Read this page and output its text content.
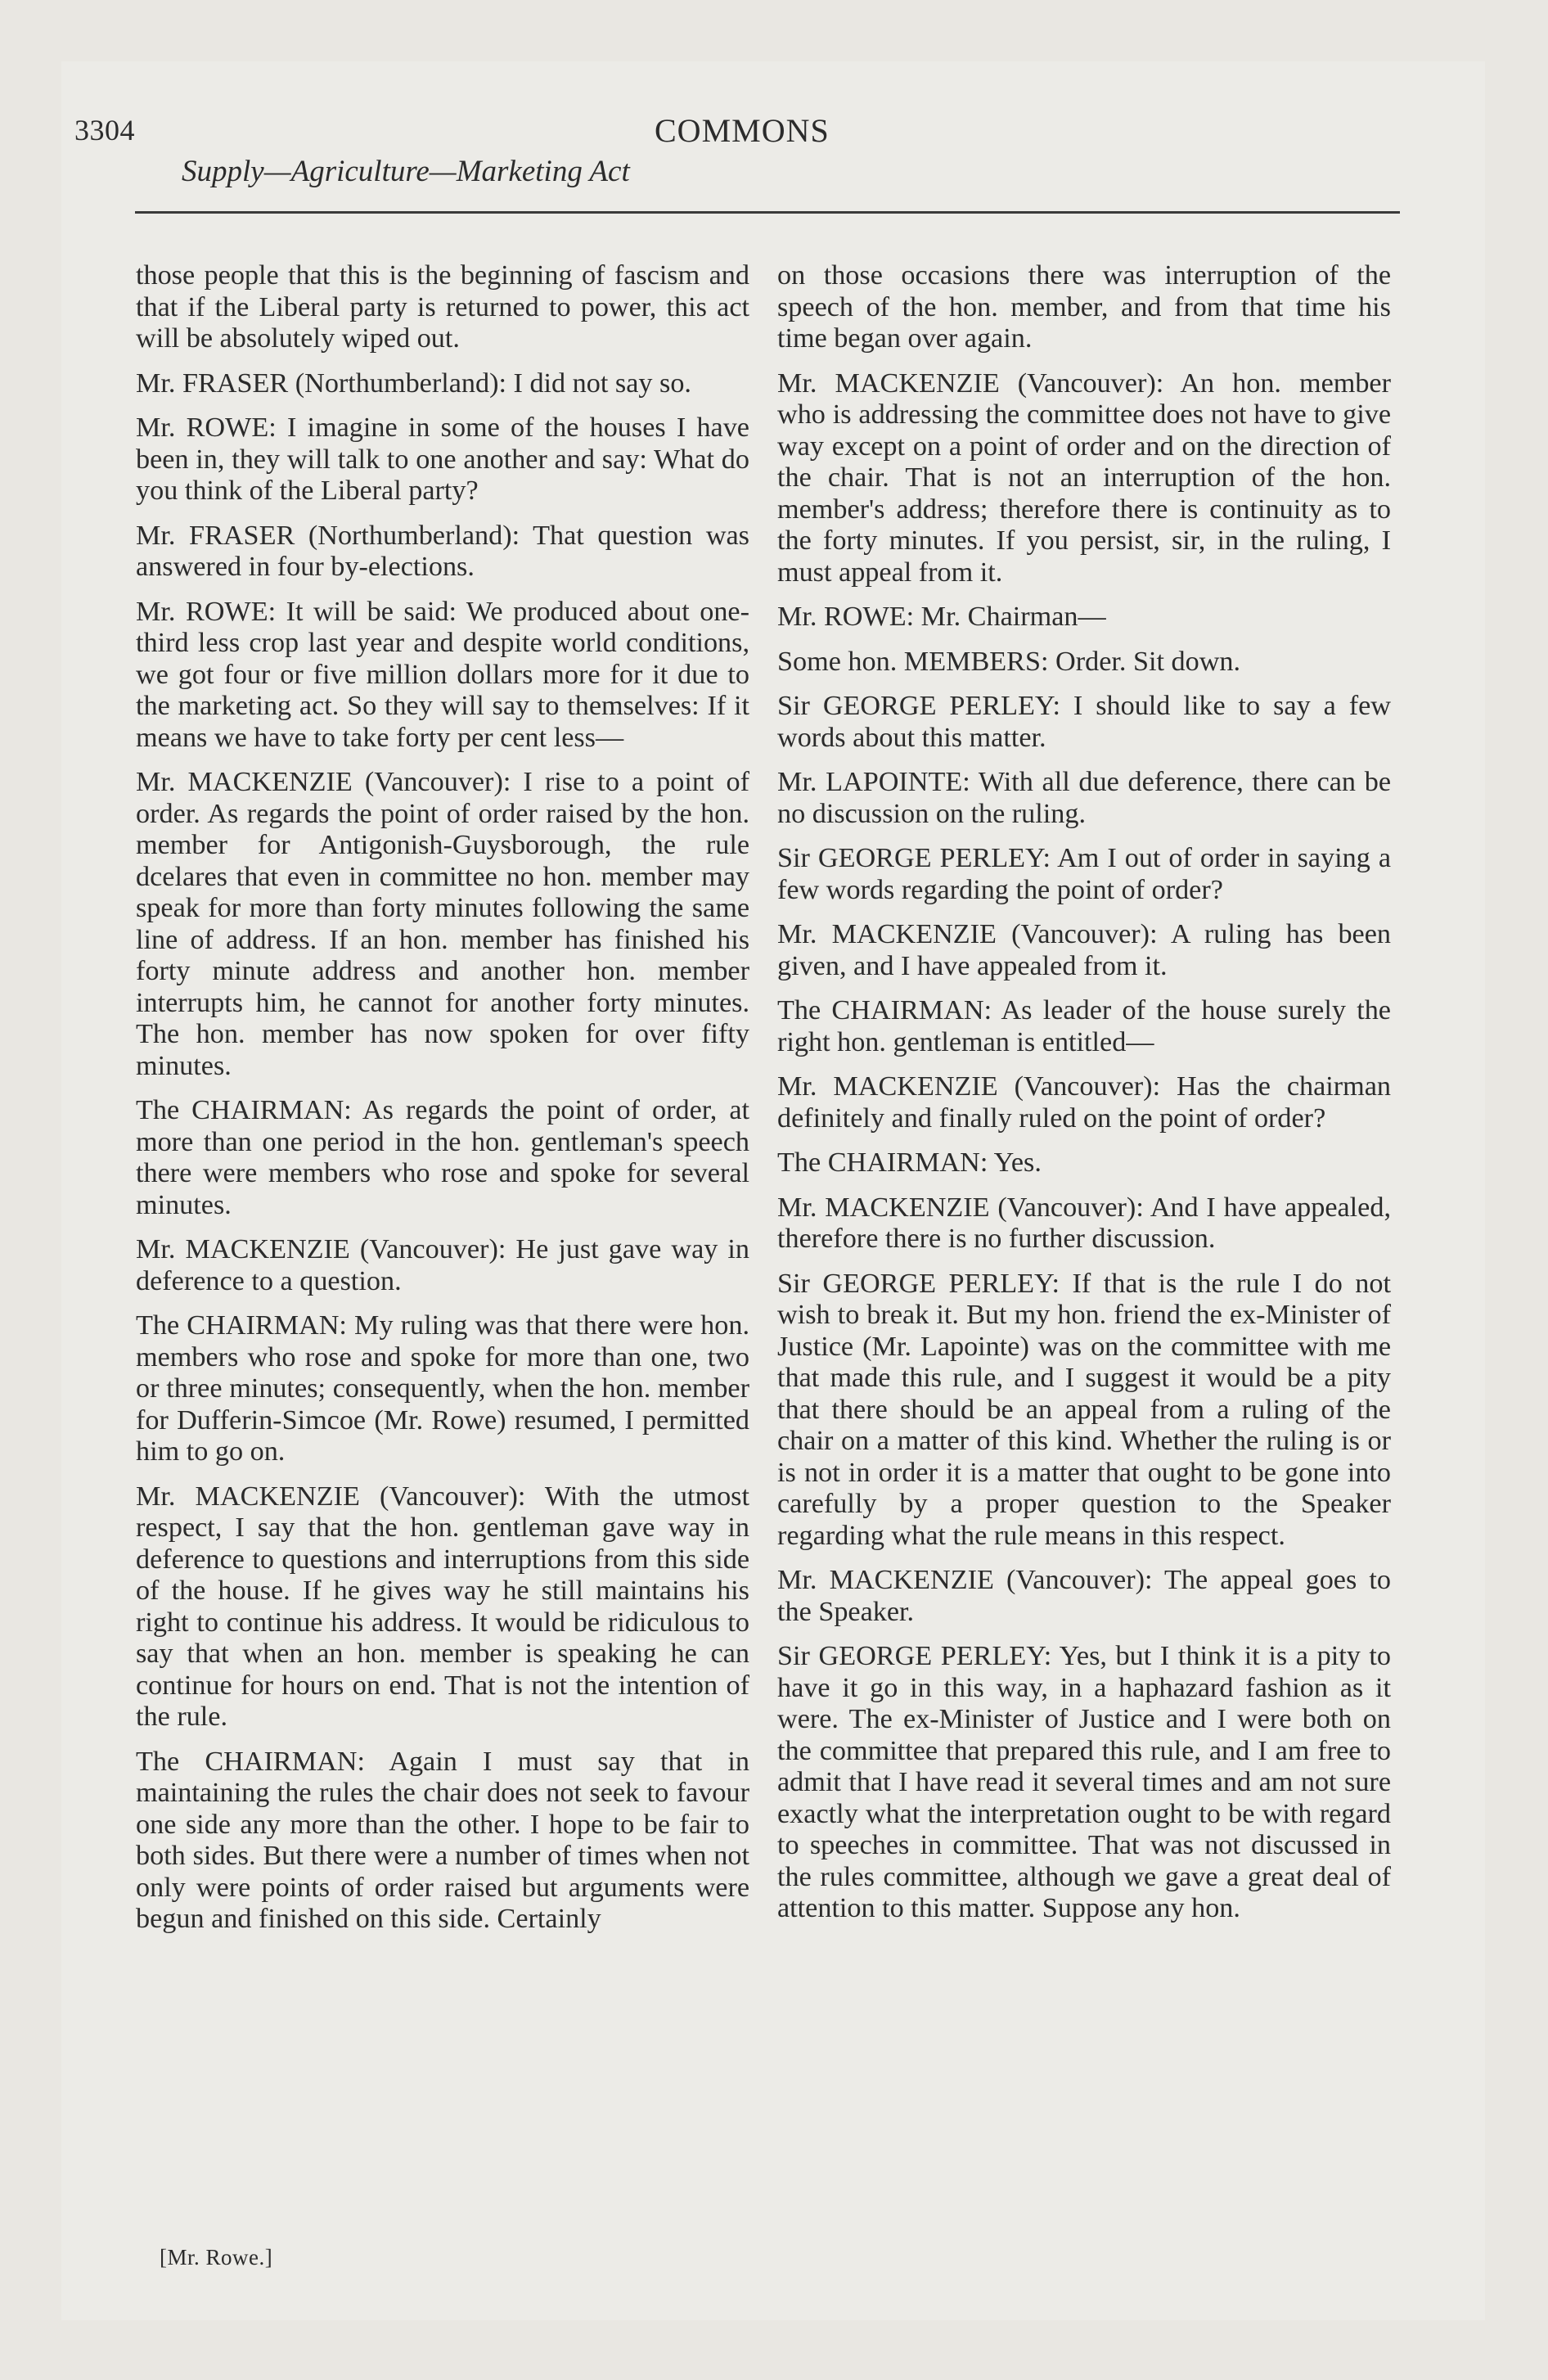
3304	COMMONS
Supply—Agriculture—Marketing Act

those people that this is the beginning of fascism and that if the Liberal party is returned to power, this act will be absolutely wiped out.

Mr. FRASER (Northumberland): I did not say so.

Mr. ROWE: I imagine in some of the houses I have been in, they will talk to one another and say: What do you think of the Liberal party?

Mr. FRASER (Northumberland): That question was answered in four by-elections.

Mr. ROWE: It will be said: We produced about one-third less crop last year and despite world conditions, we got four or five million dollars more for it due to the marketing act. So they will say to themselves: If it means we have to take forty per cent less—

Mr. MACKENZIE (Vancouver): I rise to a point of order. As regards the point of order raised by the hon. member for Antigonish-Guysborough, the rule dcelares that even in committee no hon. member may speak for more than forty minutes following the same line of address. If an hon. member has finished his forty minute address and another hon. member interrupts him, he cannot for another forty minutes. The hon. member has now spoken for over fifty minutes.

The CHAIRMAN: As regards the point of order, at more than one period in the hon. gentleman's speech there were members who rose and spoke for several minutes.

Mr. MACKENZIE (Vancouver): He just gave way in deference to a question.

The CHAIRMAN: My ruling was that there were hon. members who rose and spoke for more than one, two or three minutes; consequently, when the hon. member for Dufferin-Simcoe (Mr. Rowe) resumed, I permitted him to go on.

Mr. MACKENZIE (Vancouver): With the utmost respect, I say that the hon. gentleman gave way in deference to questions and interruptions from this side of the house. If he gives way he still maintains his right to continue his address. It would be ridiculous to say that when an hon. member is speaking he can continue for hours on end. That is not the intention of the rule.

The CHAIRMAN: Again I must say that in maintaining the rules the chair does not seek to favour one side any more than the other. I hope to be fair to both sides. But there were a number of times when not only were points of order raised but arguments were begun and finished on this side. Certainly

on those occasions there was interruption of the speech of the hon. member, and from that time his time began over again.

Mr. MACKENZIE (Vancouver): An hon. member who is addressing the committee does not have to give way except on a point of order and on the direction of the chair. That is not an interruption of the hon. member's address; therefore there is continuity as to the forty minutes. If you persist, sir, in the ruling, I must appeal from it.

Mr. ROWE: Mr. Chairman—

Some hon. MEMBERS: Order. Sit down.

Sir GEORGE PERLEY: I should like to say a few words about this matter.

Mr. LAPOINTE: With all due deference, there can be no discussion on the ruling.

Sir GEORGE PERLEY: Am I out of order in saying a few words regarding the point of order?

Mr. MACKENZIE (Vancouver): A ruling has been given, and I have appealed from it.

The CHAIRMAN: As leader of the house surely the right hon. gentleman is entitled—

Mr. MACKENZIE (Vancouver): Has the chairman definitely and finally ruled on the point of order?

The CHAIRMAN: Yes.

Mr. MACKENZIE (Vancouver): And I have appealed, therefore there is no further discussion.

Sir GEORGE PERLEY: If that is the rule I do not wish to break it. But my hon. friend the ex-Minister of Justice (Mr. Lapointe) was on the committee with me that made this rule, and I suggest it would be a pity that there should be an appeal from a ruling of the chair on a matter of this kind. Whether the ruling is or is not in order it is a matter that ought to be gone into carefully by a proper question to the Speaker regarding what the rule means in this respect.

Mr. MACKENZIE (Vancouver): The appeal goes to the Speaker.

Sir GEORGE PERLEY: Yes, but I think it is a pity to have it go in this way, in a haphazard fashion as it were. The ex-Minister of Justice and I were both on the committee that prepared this rule, and I am free to admit that I have read it several times and am not sure exactly what the interpretation ought to be with regard to speeches in committee. That was not discussed in the rules committee, although we gave a great deal of attention to this matter. Suppose any hon.

[Mr. Rowe.]
